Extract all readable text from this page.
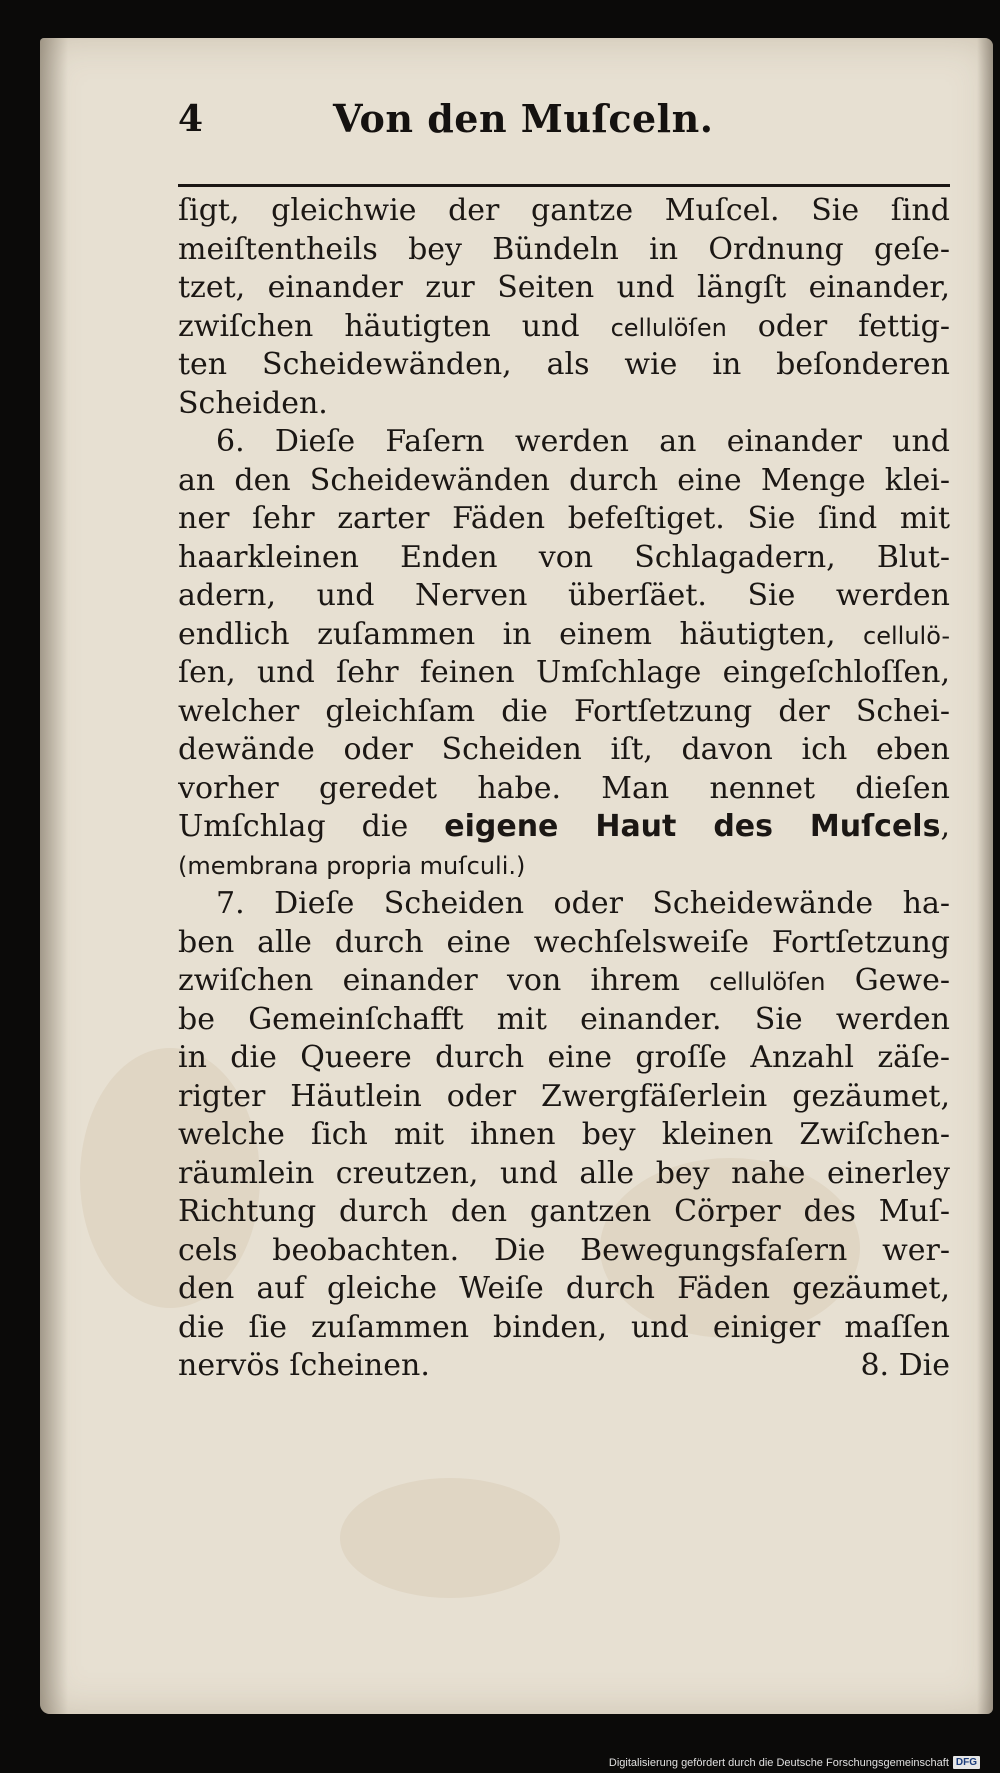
4	Von den Muſceln.
ſigt, gleichwie der gantze Muſcel. Sie ſind
meiſtentheils bey Bündeln in Ordnung geſe-
tzet, einander zur Seiten und längſt einander,
zwiſchen häutigten und cellulöſen oder fettig-
ten Scheidewänden, als wie in beſonderen
Scheiden.
6. Dieſe Faſern werden an einander und
an den Scheidewänden durch eine Menge klei-
ner ſehr zarter Fäden befeſtiget. Sie ſind mit
haarkleinen Enden von Schlagadern, Blut-
adern, und Nerven überſäet. Sie werden
endlich zuſammen in einem häutigten, cellulö-
ſen, und ſehr feinen Umſchlage eingeſchloſſen,
welcher gleichſam die Fortſetzung der Schei-
dewände oder Scheiden iſt, davon ich eben
vorher geredet habe. Man nennet dieſen
Umſchlag die eigene Haut des Muſcels,
(membrana propria muſculi.)
7. Dieſe Scheiden oder Scheidewände ha-
ben alle durch eine wechſelsweiſe Fortſetzung
zwiſchen einander von ihrem cellulöſen Gewe-
be Gemeinſchafft mit einander. Sie werden
in die Queere durch eine groſſe Anzahl zäſe-
rigter Häutlein oder Zwergfäſerlein gezäumet,
welche ſich mit ihnen bey kleinen Zwiſchen-
räumlein creutzen, und alle bey nahe einerley
Richtung durch den gantzen Cörper des Muſ-
cels beobachten. Die Bewegungsfaſern wer-
den auf gleiche Weiſe durch Fäden gezäumet,
die ſie zuſammen binden, und einiger maſſen
nervös ſcheinen.	8. Die
Digitalisierung gefördert durch die Deutsche Forschungsgemeinschaft DFG
